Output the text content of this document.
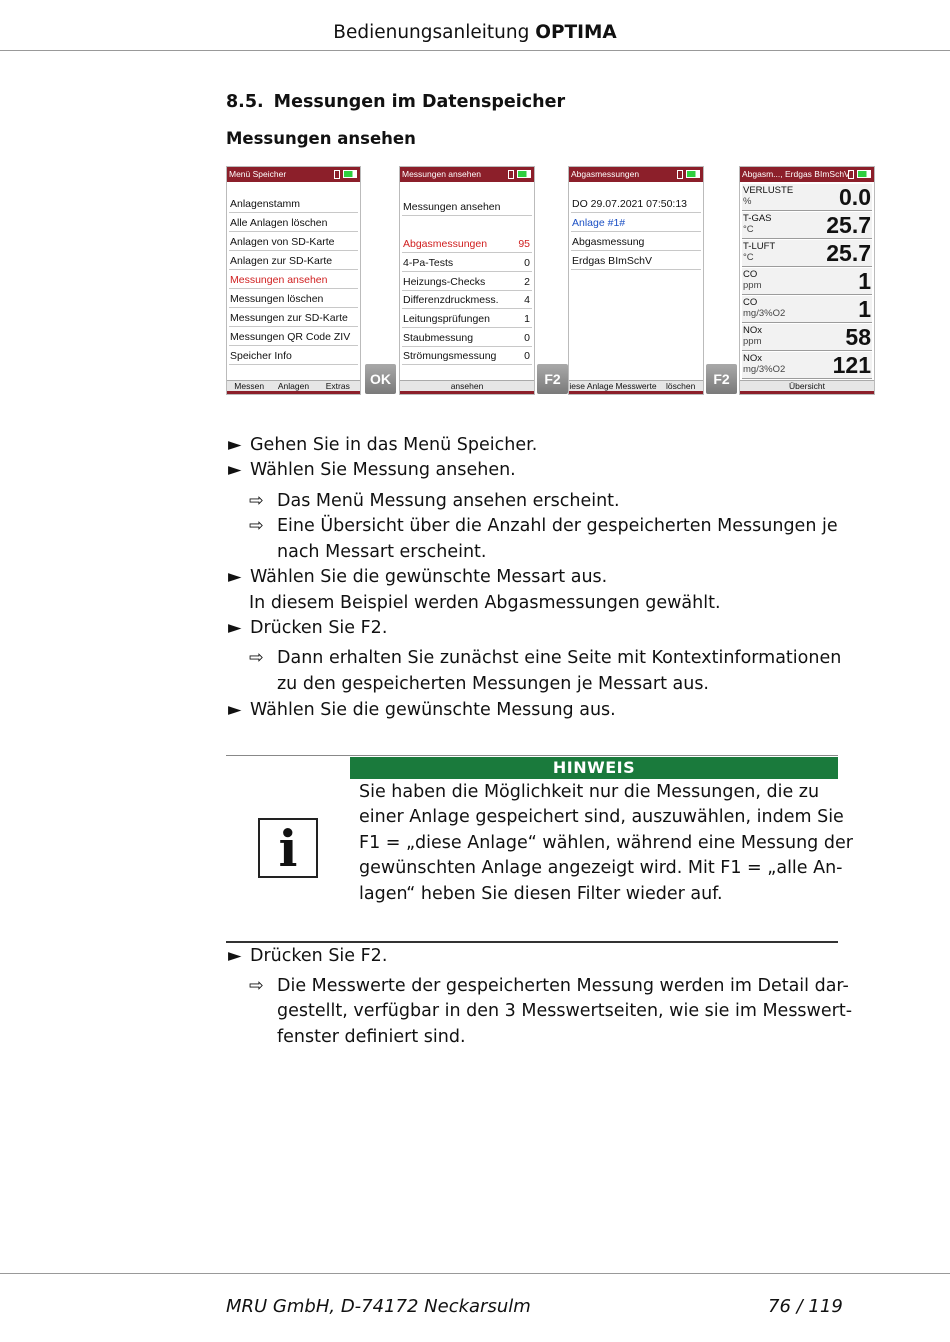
Bedienungsanleitung OPTIMA
8.5. Messungen im Datenspeicher
Messungen ansehen
Menü Speicher
Anlagenstamm
Alle Anlagen löschen
Anlagen von SD-Karte
Anlagen zur SD-Karte
Messungen ansehen
Messungen löschen
Messungen zur SD-Karte
Messungen QR Code ZIV
Speicher Info
Messen	Anlagen	Extras	OK
Messungen ansehen
Messungen ansehen
Abgasmessungen	95
4-Pa-Tests	0
Heizungs-Checks	2
Differenzdruckmess. 4
Leitungsprüfungen	1
Staubmessung	0
Strömungsmessung	0
ansehen	F2
Abgasmessungen
DO 29.07.2021 07:50:13
Anlage #1#
Abgasmessung
Erdgas BImSchV
iese Anlage Messwerte	löschen	F2
Abgasm..., Erdgas BImSchV
VERLUSTE
%	0.0
T-GAS
°C	25.7
T-LUFT
°C	25.7
CO
ppm	1
CO
mg/3%O2	1
NOx
ppm	58
NOx
mg/3%O2 121
Übersicht
► Gehen Sie in das Menü Speicher.
► Wählen Sie Messung ansehen.
⇨ Das Menü Messung ansehen erscheint.
⇨ Eine Übersicht über die Anzahl der gespeicherten Messungen je
nach Messart erscheint.
► Wählen Sie die gewünschte Messart aus.
In diesem Beispiel werden Abgasmessungen gewählt.
► Drücken Sie F2.
⇨ Dann erhalten Sie zunächst eine Seite mit Kontextinformationen
zu den gespeicherten Messungen je Messart aus.
► Wählen Sie die gewünschte Messung aus.
HINWEIS
i
Sie haben die Möglichkeit nur die Messungen, die zu
einer Anlage gespeichert sind, auszuwählen, indem Sie
F1 = „diese Anlage“ wählen, während eine Messung der
gewünschten Anlage angezeigt wird. Mit F1 = „alle An-
lagen“ heben Sie diesen Filter wieder auf.
► Drücken Sie F2.
⇨ Die Messwerte der gespeicherten Messung werden im Detail dar-
gestellt, verfügbar in den 3 Messwertseiten, wie sie im Messwert-
fenster definiert sind.
MRU GmbH, D-74172 Neckarsulm	76 / 119
